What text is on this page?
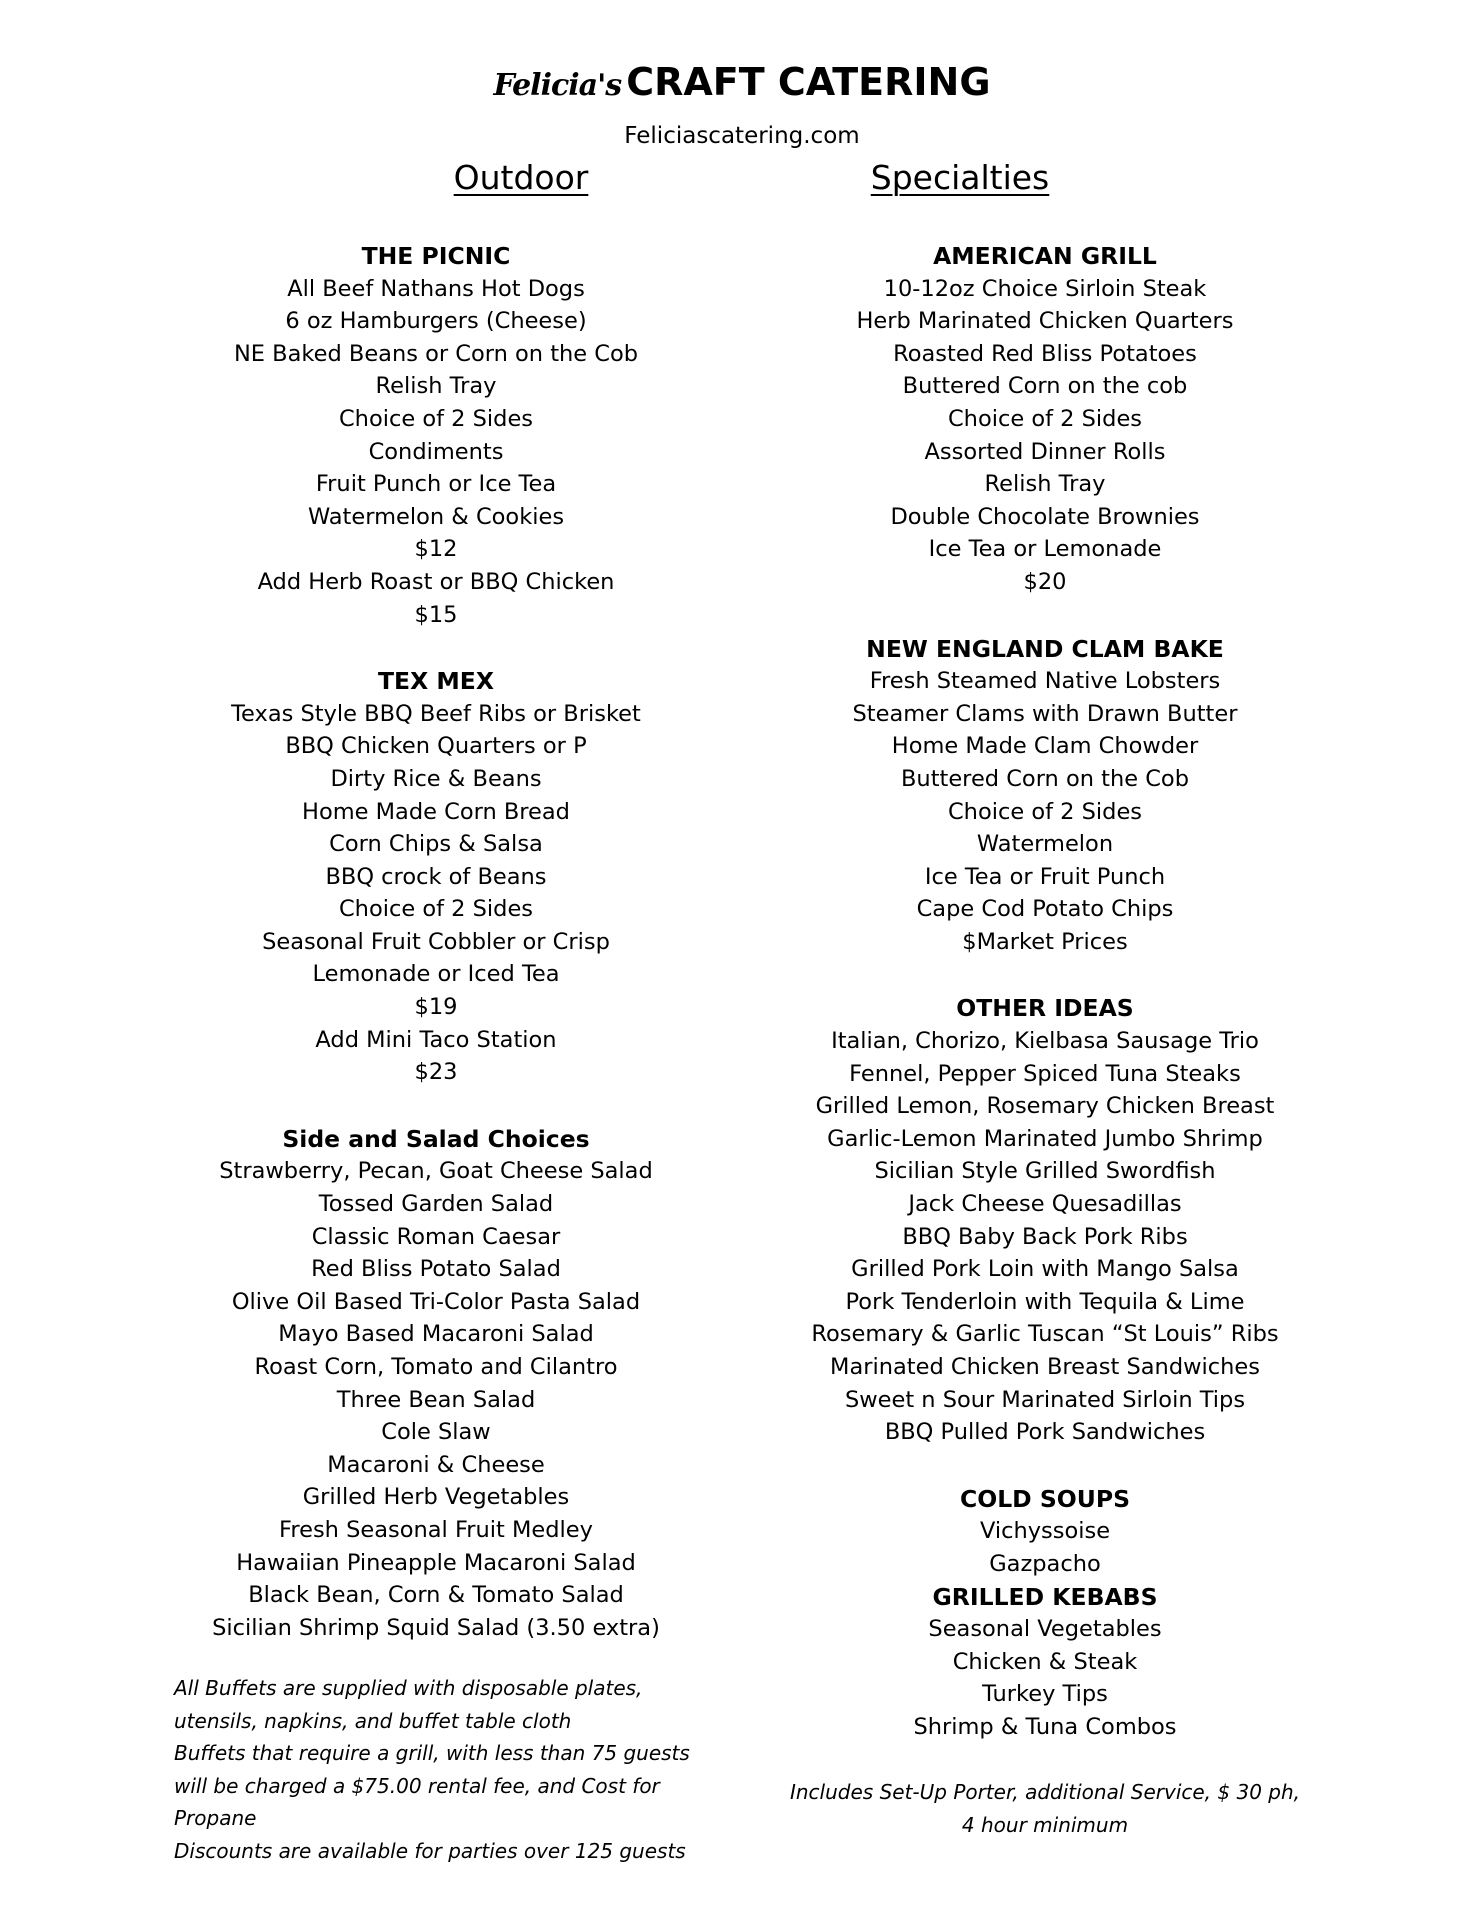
Felicia's CRAFT CATERING
Feliciascatering.com
Outdoor	Specialties
THE PICNIC
All Beef Nathans Hot Dogs
6 oz Hamburgers (Cheese)
NE Baked Beans or Corn on the Cob
Relish Tray
Choice of 2 Sides
Condiments
Fruit Punch or Ice Tea
Watermelon & Cookies
$12
Add Herb Roast or BBQ Chicken
$15
TEX MEX
Texas Style BBQ Beef Ribs or Brisket
BBQ Chicken Quarters or P
Dirty Rice & Beans
Home Made Corn Bread
Corn Chips & Salsa
BBQ crock of Beans
Choice of 2 Sides
Seasonal Fruit Cobbler or Crisp
Lemonade or Iced Tea
$19
Add Mini Taco Station
$23
Side and Salad Choices
Strawberry, Pecan, Goat Cheese Salad
Tossed Garden Salad
Classic Roman Caesar
Red Bliss Potato Salad
Olive Oil Based Tri-Color Pasta Salad
Mayo Based Macaroni Salad
Roast Corn, Tomato and Cilantro
Three Bean Salad
Cole Slaw
Macaroni & Cheese
Grilled Herb Vegetables
Fresh Seasonal Fruit Medley
Hawaiian Pineapple Macaroni Salad
Black Bean, Corn & Tomato Salad
Sicilian Shrimp Squid Salad (3.50 extra)
All Buffets are supplied with disposable plates,
utensils, napkins, and buffet table cloth
Buffets that require a grill, with less than 75 guests
will be charged a $75.00 rental fee, and Cost for
Propane
Discounts are available for parties over 125 guests
AMERICAN GRILL
10-12oz Choice Sirloin Steak
Herb Marinated Chicken Quarters
Roasted Red Bliss Potatoes
Buttered Corn on the cob
Choice of 2 Sides
Assorted Dinner Rolls
Relish Tray
Double Chocolate Brownies
Ice Tea or Lemonade
$20
NEW ENGLAND CLAM BAKE
Fresh Steamed Native Lobsters
Steamer Clams with Drawn Butter
Home Made Clam Chowder
Buttered Corn on the Cob
Choice of 2 Sides
Watermelon
Ice Tea or Fruit Punch
Cape Cod Potato Chips
$Market Prices
OTHER IDEAS
Italian, Chorizo, Kielbasa Sausage Trio
Fennel, Pepper Spiced Tuna Steaks
Grilled Lemon, Rosemary Chicken Breast
Garlic-Lemon Marinated Jumbo Shrimp
Sicilian Style Grilled Swordfish
Jack Cheese Quesadillas
BBQ Baby Back Pork Ribs
Grilled Pork Loin with Mango Salsa
Pork Tenderloin with Tequila & Lime
Rosemary & Garlic Tuscan “St Louis” Ribs
Marinated Chicken Breast Sandwiches
Sweet n Sour Marinated Sirloin Tips
BBQ Pulled Pork Sandwiches
COLD SOUPS
Vichyssoise
Gazpacho
GRILLED KEBABS
Seasonal Vegetables
Chicken & Steak
Turkey Tips
Shrimp & Tuna Combos
Includes Set-Up Porter, additional Service, $ 30 ph,
4 hour minimum
